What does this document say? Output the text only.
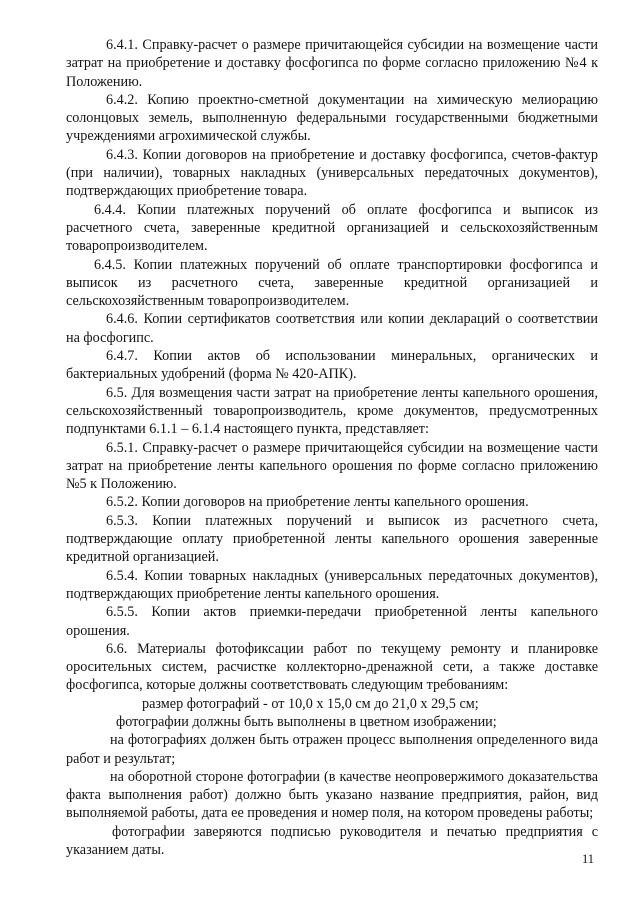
6.4.1. Справку-расчет о размере причитающейся субсидии на возмещение части затрат на приобретение и доставку фосфогипса по форме согласно приложению №4 к Положению.

6.4.2. Копию проектно-сметной документации на химическую мелиорацию солонцовых земель, выполненную федеральными государственными бюджетными учреждениями агрохимической службы.

6.4.3. Копии договоров на приобретение и доставку фосфогипса, счетов-фактур (при наличии), товарных накладных (универсальных передаточных документов), подтверждающих приобретение товара.

6.4.4. Копии платежных поручений об оплате фосфогипса и выписок из расчетного счета, заверенные кредитной организацией и сельскохозяйственным товаропроизводителем.

6.4.5. Копии платежных поручений об оплате транспортировки фосфогипса и выписок из расчетного счета, заверенные кредитной организацией и сельскохозяйственным товаропроизводителем.

6.4.6. Копии сертификатов соответствия или копии деклараций о соответствии на фосфогипс.

6.4.7. Копии актов об использовании минеральных, органических и бактериальных удобрений (форма № 420-АПК).

6.5. Для возмещения части затрат на приобретение ленты капельного орошения, сельскохозяйственный товаропроизводитель, кроме документов, предусмотренных подпунктами 6.1.1 – 6.1.4 настоящего пункта, представляет:

6.5.1. Справку-расчет о размере причитающейся субсидии на возмещение части затрат на приобретение ленты капельного орошения по форме согласно приложению №5 к Положению.

6.5.2. Копии договоров на приобретение ленты капельного орошения.

6.5.3. Копии платежных поручений и выписок из расчетного счета, подтверждающие оплату приобретенной ленты капельного орошения заверенные кредитной организацией.

6.5.4. Копии товарных накладных (универсальных передаточных документов), подтверждающих приобретение ленты капельного орошения.

6.5.5. Копии актов приемки-передачи приобретенной ленты капельного орошения.

6.6. Материалы фотофиксации работ по текущему ремонту и планировке оросительных систем, расчистке коллекторно-дренажной сети, а также доставке фосфогипса, которые должны соответствовать следующим требованиям:

размер фотографий - от 10,0 х 15,0 см до 21,0 х 29,5 см;

фотографии должны быть выполнены в цветном изображении;

на фотографиях должен быть отражен процесс выполнения определенного вида работ и результат;

на оборотной стороне фотографии (в качестве неопровержимого доказательства факта выполнения работ) должно быть указано название предприятия, район, вид выполняемой работы, дата ее проведения и номер поля, на котором проведены работы;

фотографии заверяются подписью руководителя и печатью предприятия с указанием даты.

11
